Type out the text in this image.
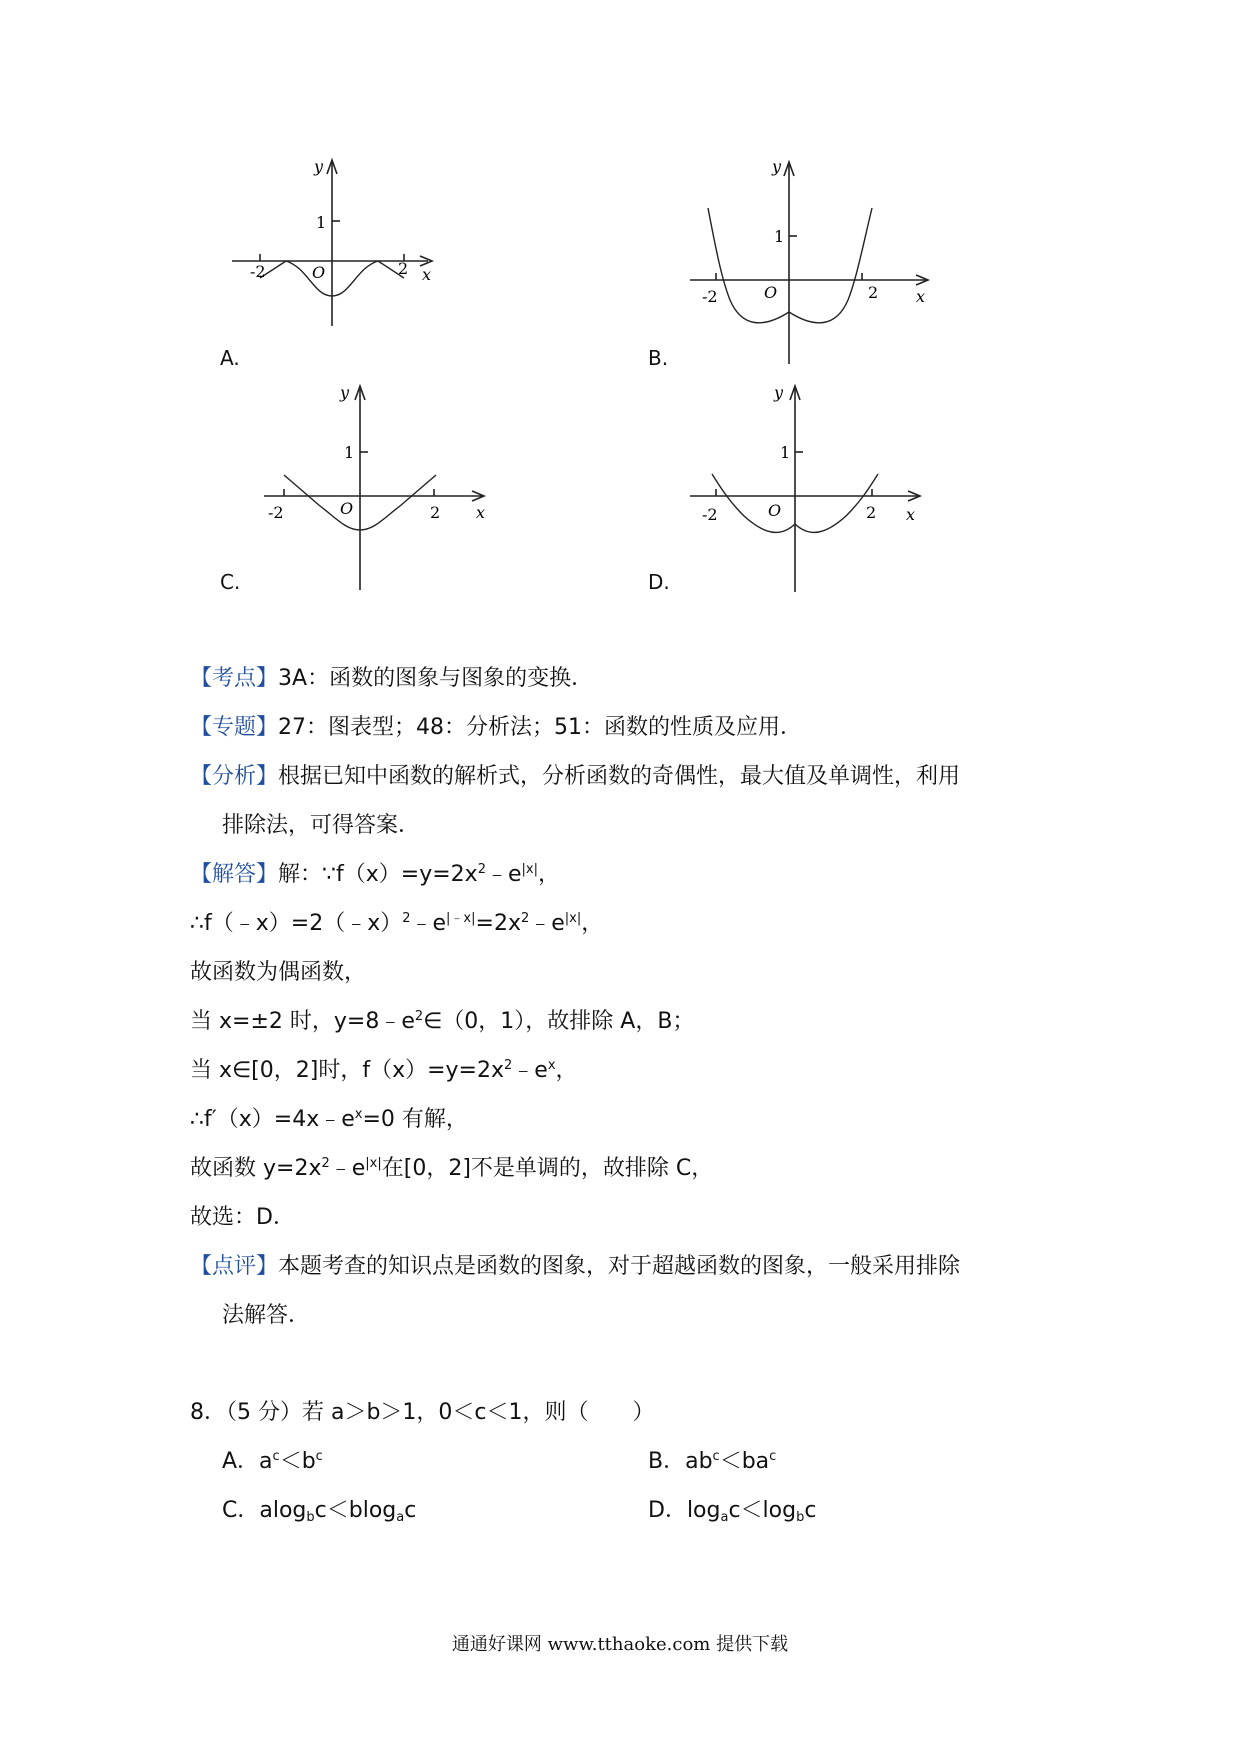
-2	2
1
O	x
y
A.
-2	2
1
O	x
y
B.
-2	2
1
O	x
y
C.
-2	2
1
O	x
y
D.
【考点】3A：函数的图象与图象的变换．
【专题】27：图表型；48：分析法；51：函数的性质及应用．
【分析】根据已知中函数的解析式，分析函数的奇偶性，最大值及单调性，利用
排除法，可得答案．
【解答】解：$\because f(x)=y=2x^2﹣e^{|x|}$，
$\therefore f(﹣x)=2(﹣x)^2﹣e^{|﹣x|}=2x^2﹣e^{|x|}$，
故函数为偶函数，
当 x=±2 时，$y=8﹣e^2\in(0$，1），故排除 A，B；
当 x∈[0，2]时，$f(x)=y=2x^2﹣e^x$，
$\therefore f'(x)=4x﹣e^x=0$ 有解，
故函数 $y=2x^2﹣e^{|x|}$在[0，2]不是单调的，故排除 C，
故选：D．
【点评】本题考查的知识点是函数的图象，对于超越函数的图象，一般采用排除
法解答．
8．（5 分）若 a＞b＞1，0＜c＜1，则（　　）
A．$a^c<b^c$	B．$ab^c<ba^c$
C．alog$_b$c＜blog$_a$c	D．$\log_ac<\log_bc$
通通好课网 www.tthaoke.com 提供下载
